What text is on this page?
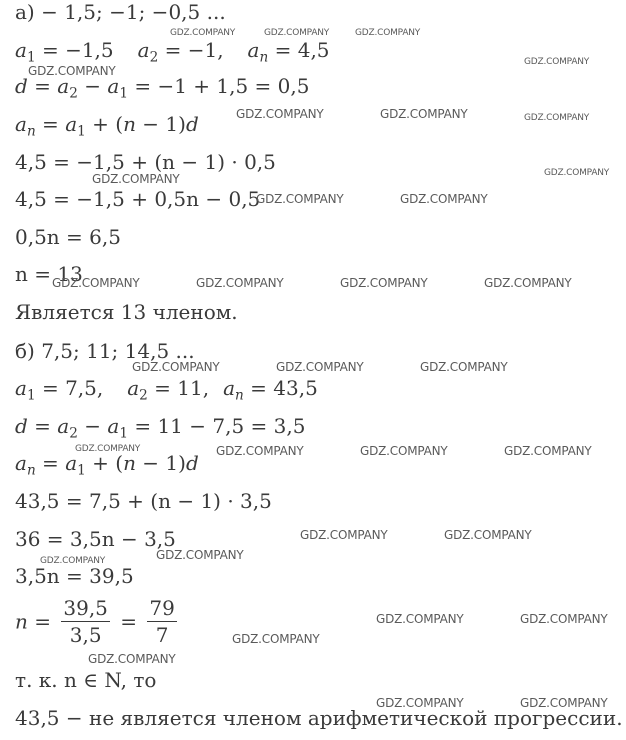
а) − 1,5; −1; −0,5 ...
$a_1 = -1,5$ $a_2 = -1$, $a_n = 4,5$
$d = a_2 - a_1 = -1 + 1,5 = 0,5$
$a_n = a_1 + (n - 1)d$
4,5 = −1,5 + (n − 1) · 0,5
4,5 = −1,5 + 0,5n − 0,5
0,5n = 6,5
n = 13
Является 13 членом.
б) 7,5; 11; 14,5 ...
$a_1 = 7,5$, $a_2 = 11$, $a_n = 43,5$
$d = a_2 - a_1 = 11 - 7,5 = 3,5$
$a_n = a_1 + (n - 1)d$
43,5 = 7,5 + (n − 1) · 3,5
36 = 3,5n − 3,5
3,5n = 39,5
$n = \frac{39,5}{3,5} = \frac{79}{7}$
т. к. n ∈ N, то
43,5 − не является членом арифметической прогрессии.
GDZ.COMPANY	GDZ.COMPANY	GDZ.COMPANY
GDZ.COMPANY
GDZ.COMPANY
GDZ.COMPANY	GDZ.COMPANY	GDZ.COMPANY
GDZ.COMPANY
GDZ.COMPANY
GDZ.COMPANY	GDZ.COMPANY
GDZ.COMPANY	GDZ.COMPANY	GDZ.COMPANY	GDZ.COMPANY
GDZ.COMPANY	GDZ.COMPANY	GDZ.COMPANY
GDZ.COMPANY	GDZ.COMPANY	GDZ.COMPANY	GDZ.COMPANY
GDZ.COMPANY	GDZ.COMPANY
GDZ.COMPANY
GDZ.COMPANY
GDZ.COMPANY	GDZ.COMPANY
GDZ.COMPANY
GDZ.COMPANY
GDZ.COMPANY	GDZ.COMPANY
